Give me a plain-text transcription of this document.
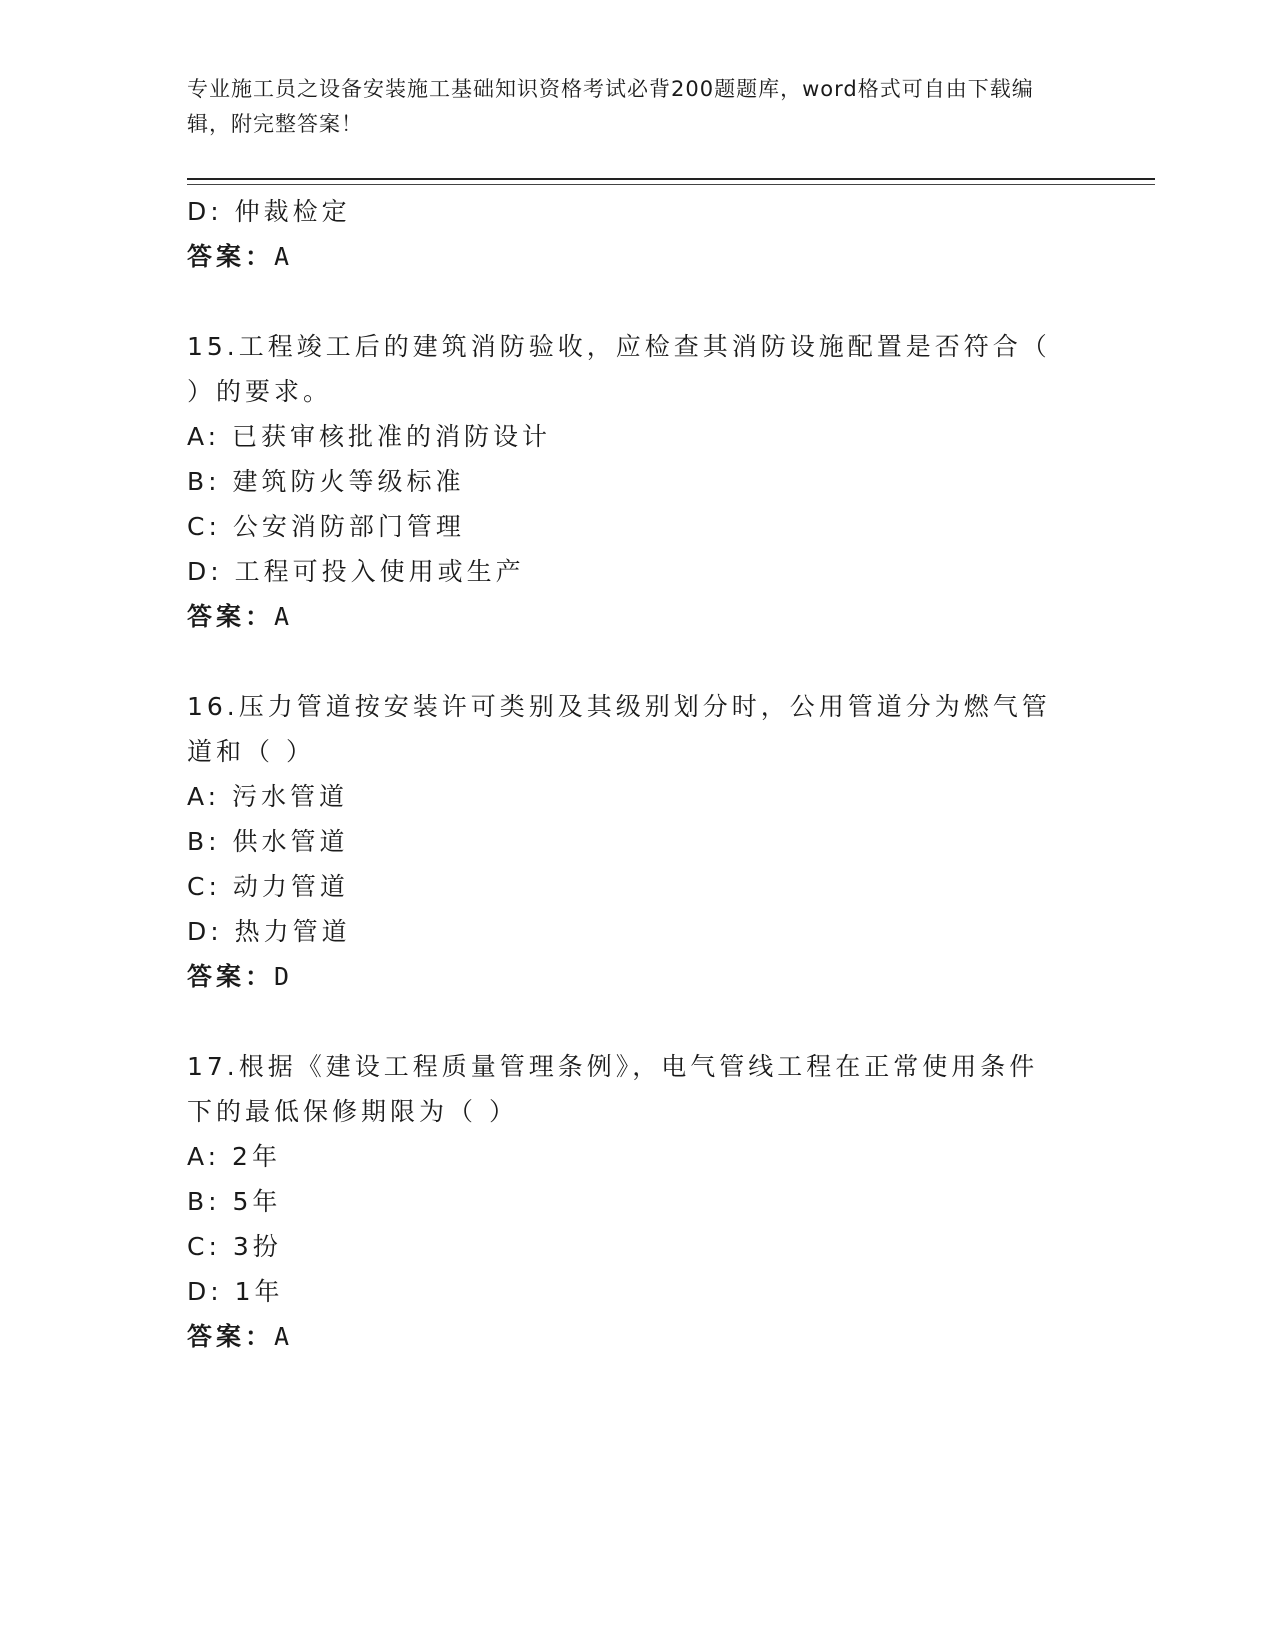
专业施工员之设备安装施工基础知识资格考试必背200题题库，word格式可自由下载编辑，附完整答案！
D: 仲裁检定
答案：A
15.工程竣工后的建筑消防验收，应检查其消防设施配置是否符合（ ）的要求。
A: 已获审核批准的消防设计
B: 建筑防火等级标准
C: 公安消防部门管理
D: 工程可投入使用或生产
答案：A
16.压力管道按安装许可类别及其级别划分时，公用管道分为燃气管道和（ ）
A: 污水管道
B: 供水管道
C: 动力管道
D: 热力管道
答案：D
17.根据《建设工程质量管理条例》，电气管线工程在正常使用条件下的最低保修期限为（ ）
A: 2年
B: 5年
C: 3扮
D: 1年
答案：A
